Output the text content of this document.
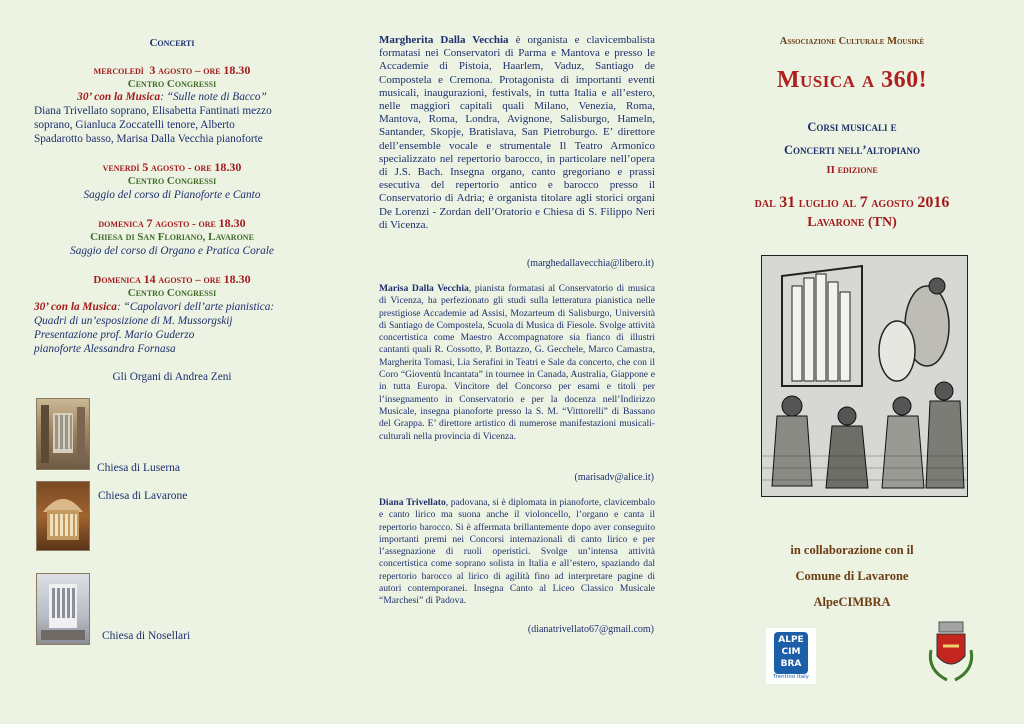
Concerti
mercoledì 3 agosto – ore 18.30
Centro Congressi
30’ con la Musica: “Sulle note di Bacco”
Diana Trivellato soprano, Elisabetta Fantinati mezzo
soprano, Gianluca Zoccatelli tenore, Alberto
Spadarotto basso, Marisa Dalla Vecchia pianoforte
venerdì 5 agosto - ore 18.30
Centro Congressi
Saggio del corso di Pianoforte e Canto
domenica 7 agosto - ore 18.30
Chiesa di San Floriano, Lavarone
Saggio del corso di Organo e Pratica Corale
Domenica 14 agosto – ore 18.30
Centro Congressi
30’ con la Musica: “Capolavori dell’arte pianistica:
Quadri di un’esposizione di M. Mussorgskij
Presentazione prof. Mario Guderzo
pianoforte Alessandra Fornasa
Gli Organi di Andrea Zeni
Chiesa di Luserna
Chiesa di Lavarone
Chiesa di Nosellari
Margherita Dalla Vecchia è organista e clavicembalista formatasi nei Conservatori di Parma e Mantova e presso le Accademie di Pistoia, Haarlem, Vaduz, Santiago de Compostela e Cremona. Protagonista di importanti eventi musicali, inaugurazioni, festivals, in tutta Italia e all’estero, nelle maggiori capitali quali Milano, Venezia, Roma, Mantova, Roma, Londra, Avignone, Salisburgo, Hameln, Santander, Skopje, Bratislava, San Pietroburgo. E’ direttore dell’ensemble vocale e strumentale Il Teatro Armonico specializzato nel repertorio barocco, in particolare nell’opera di J.S. Bach. Insegna organo, canto gregoriano e prassi esecutiva del repertorio antico e barocco presso il Conservatorio di Adria; è organista titolare agli storici organi De Lorenzi - Zordan dell’Oratorio e Chiesa di S. Filippo Neri di Vicenza.
(marghedallavecchia@libero.it)
Marisa Dalla Vecchia, pianista formatasi al Conservatorio di musica di Vicenza, ha perfezionato gli studi sulla letteratura pianistica nelle prestigiose Accademie ad Assisi, Mozarteum di Salisburgo, Università di Santiago de Compostela, Scuola di Musica di Fiesole. Svolge attività concertistica come Maestro Accompagnatore sia fianco di illustri cantanti quali R. Cossotto, P. Bottazzo, G. Gecchele, Marco Camastra, Margherita Tomasi, Lia Serafini in Teatri e Sale da concerto, che con il Coro “Gioventù Incantata” in tournee in Canada, Australia, Giappone e in tutta Europa. Vincitore del Concorso per esami e titoli per l’insegnamento in Conservatorio e per la docenza nell’Indirizzo Musicale, insegna pianoforte presso la S. M. “Vitttorelli” di Bassano del Grappa. E’ direttore artistico di numerose manifestazioni musicali-culturali nella provincia di Vicenza.
(marisadv@alice.it)
Diana Trivellato, padovana, si è diplomata in pianoforte, clavicembalo e canto lirico ma suona anche il violoncello, l’organo e canta il repertorio barocco. Si è affermata brillantemente dopo aver conseguito importanti premi nei Concorsi internazionali di canto lirico e per l’assegnazione di ruoli operistici. Svolge un’intensa attività concertistica come soprano solista in Italia e all’estero, spaziando dal repertorio barocco al lirico di agilità fino ad interpretare pagine di autori contemporanei. Insegna Canto al Liceo Classico Musicale “Marchesi” di Padova.
(dianatrivellato67@gmail.com)
Associazione Culturale Mousikè
Musica a 360!
Corsi musicali e
Concerti nell’altopiano
II edizione
dal 31 luglio al 7 agosto 2016
Lavarone (TN)
in collaborazione con il
Comune di Lavarone
AlpeCIMBRA
ALPE
CIM
BRA
Trentino Italy
